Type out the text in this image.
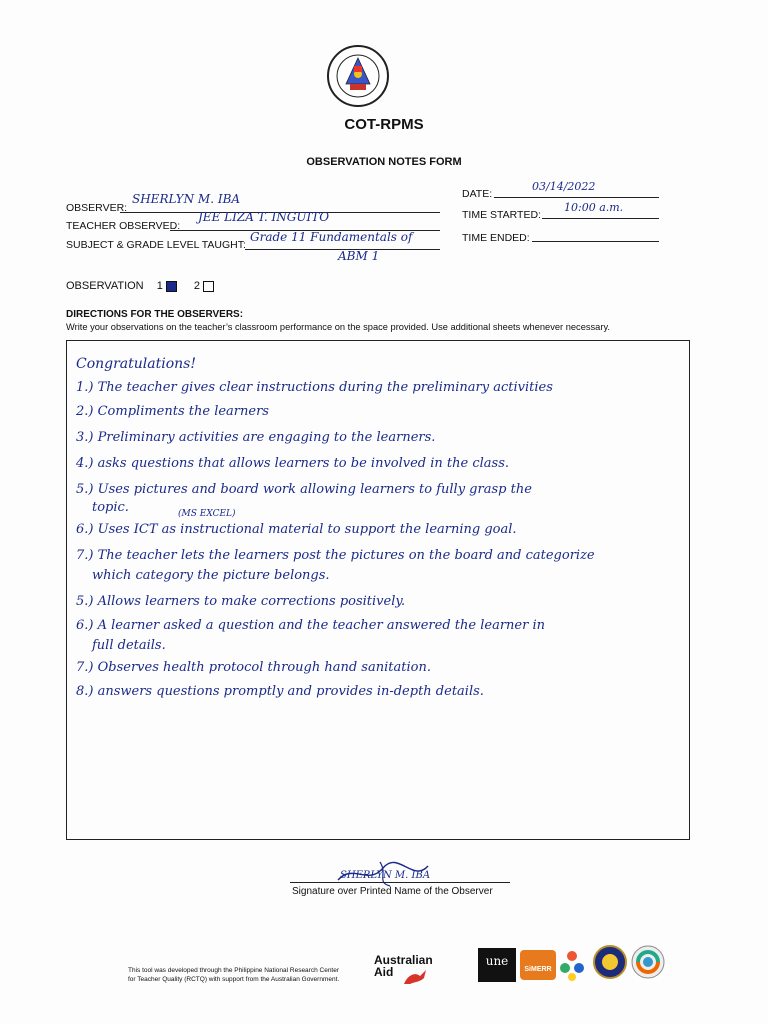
COT-RPMS
OBSERVATION NOTES FORM
OBSERVER:
SHERLYN M. IBA
TEACHER OBSERVED:
JEE LIZA T. INGUITO
SUBJECT & GRADE LEVEL TAUGHT:
Grade 11 Fundamentals of
ABM 1
DATE:
03/14/2022
TIME STARTED:
10:00 a.m.
TIME ENDED:
OBSERVATION 1	2
DIRECTIONS FOR THE OBSERVERS:
Write your observations on the teacher’s classroom performance on the space provided. Use additional sheets whenever necessary.
Congratulations!
1.) The teacher gives clear instructions during the preliminary activities
2.) Compliments the learners
3.) Preliminary activities are engaging to the learners.
4.) asks questions that allows learners to be involved in the class.
5.) Uses pictures and board work allowing learners to fully grasp the
topic.	(MS EXCEL)
6.) Uses ICT as instructional material to support the learning goal.
7.) The teacher lets the learners post the pictures on the board and categorize
which category the picture belongs.
5.) Allows learners to make corrections positively.
6.) A learner asked a question and the teacher answered the learner in
full details.
7.) Observes health protocol through hand sanitation.
8.) answers questions promptly and provides in-depth details.
SHERLYN M. IBA
Signature over Printed Name of the Observer
This tool was developed through the Philippine National Research Center for Teacher Quality (RCTQ) with support from the Australian Government.
Australian
Aid
une
SiMERR
